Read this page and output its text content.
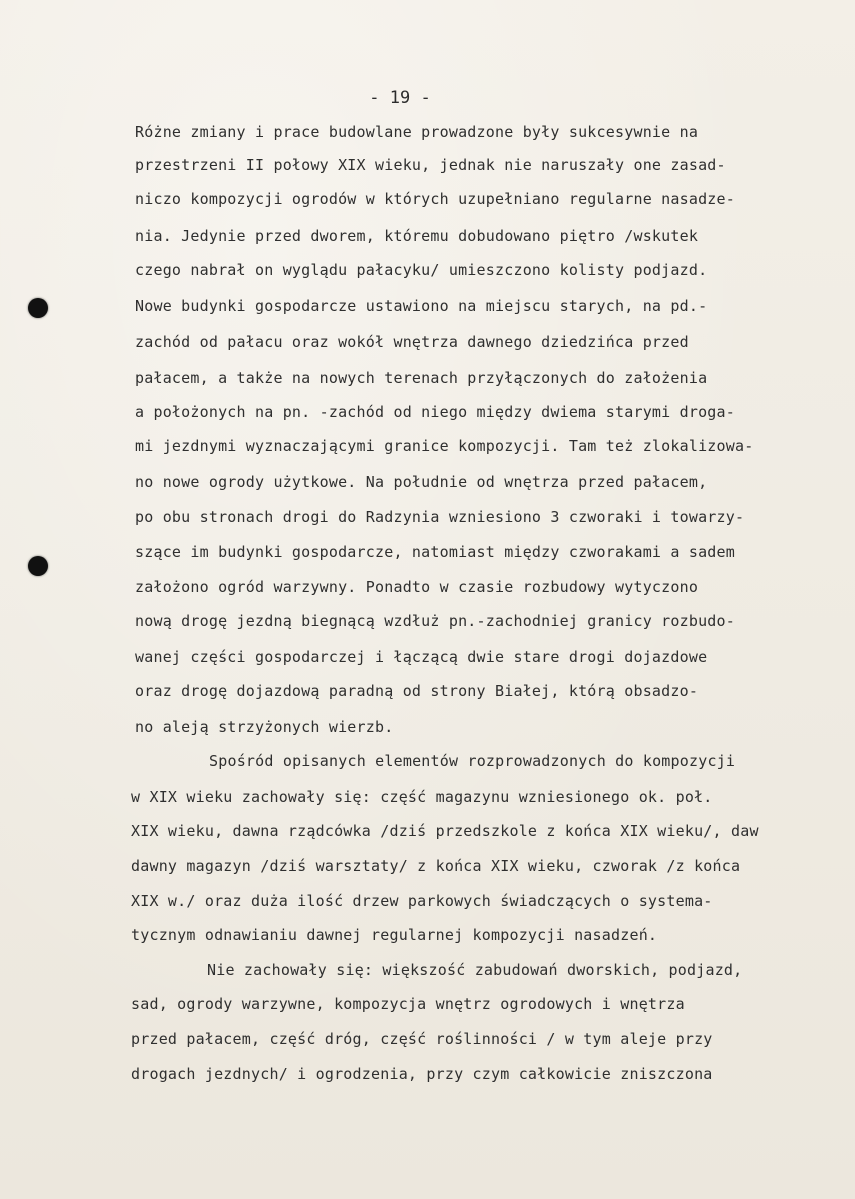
- 19 -
Różne zmiany i prace budowlane prowadzone były sukcesywnie na
przestrzeni II połowy XIX wieku, jednak nie naruszały one zasad-
niczo kompozycji ogrodów w których uzupełniano regularne nasadze-
nia. Jedynie przed dworem, któremu dobudowano piętro /wskutek
czego nabrał on wyglądu pałacyku/ umieszczono kolisty podjazd.
Nowe budynki gospodarcze ustawiono na miejscu starych, na pd.-
zachód od pałacu oraz wokół wnętrza dawnego dziedzińca przed
pałacem, a także na nowych terenach przyłączonych do założenia
a położonych na pn. -zachód od niego między dwiema starymi droga-
mi jezdnymi wyznaczającymi granice kompozycji. Tam też zlokalizowa-
no nowe ogrody użytkowe. Na południe od wnętrza przed pałacem,
po obu stronach drogi do Radzynia wzniesiono 3 czworaki i towarzy-
szące im budynki gospodarcze, natomiast między czworakami a sadem
założono ogród warzywny. Ponadto w czasie rozbudowy wytyczono
nową drogę jezdną biegnącą wzdłuż pn.-zachodniej granicy rozbudo-
wanej części gospodarczej i łączącą dwie stare drogi dojazdowe
oraz drogę dojazdową paradną od strony Białej, którą obsadzo-
no aleją strzyżonych wierzb.
Spośród opisanych elementów rozprowadzonych do kompozycji
w XIX wieku zachowały się: część magazynu wzniesionego ok. poł.
XIX wieku, dawna rządcówka /dziś przedszkole z końca XIX wieku/, daw
dawny magazyn /dziś warsztaty/ z końca XIX wieku, czworak /z końca
XIX w./ oraz duża ilość drzew parkowych świadczących o systema-
tycznym odnawianiu dawnej regularnej kompozycji nasadzeń.
Nie zachowały się: większość zabudowań dworskich, podjazd,
sad, ogrody warzywne, kompozycja wnętrz ogrodowych i wnętrza
przed pałacem, część dróg, część roślinności / w tym aleje przy
drogach jezdnych/ i ogrodzenia, przy czym całkowicie zniszczona
